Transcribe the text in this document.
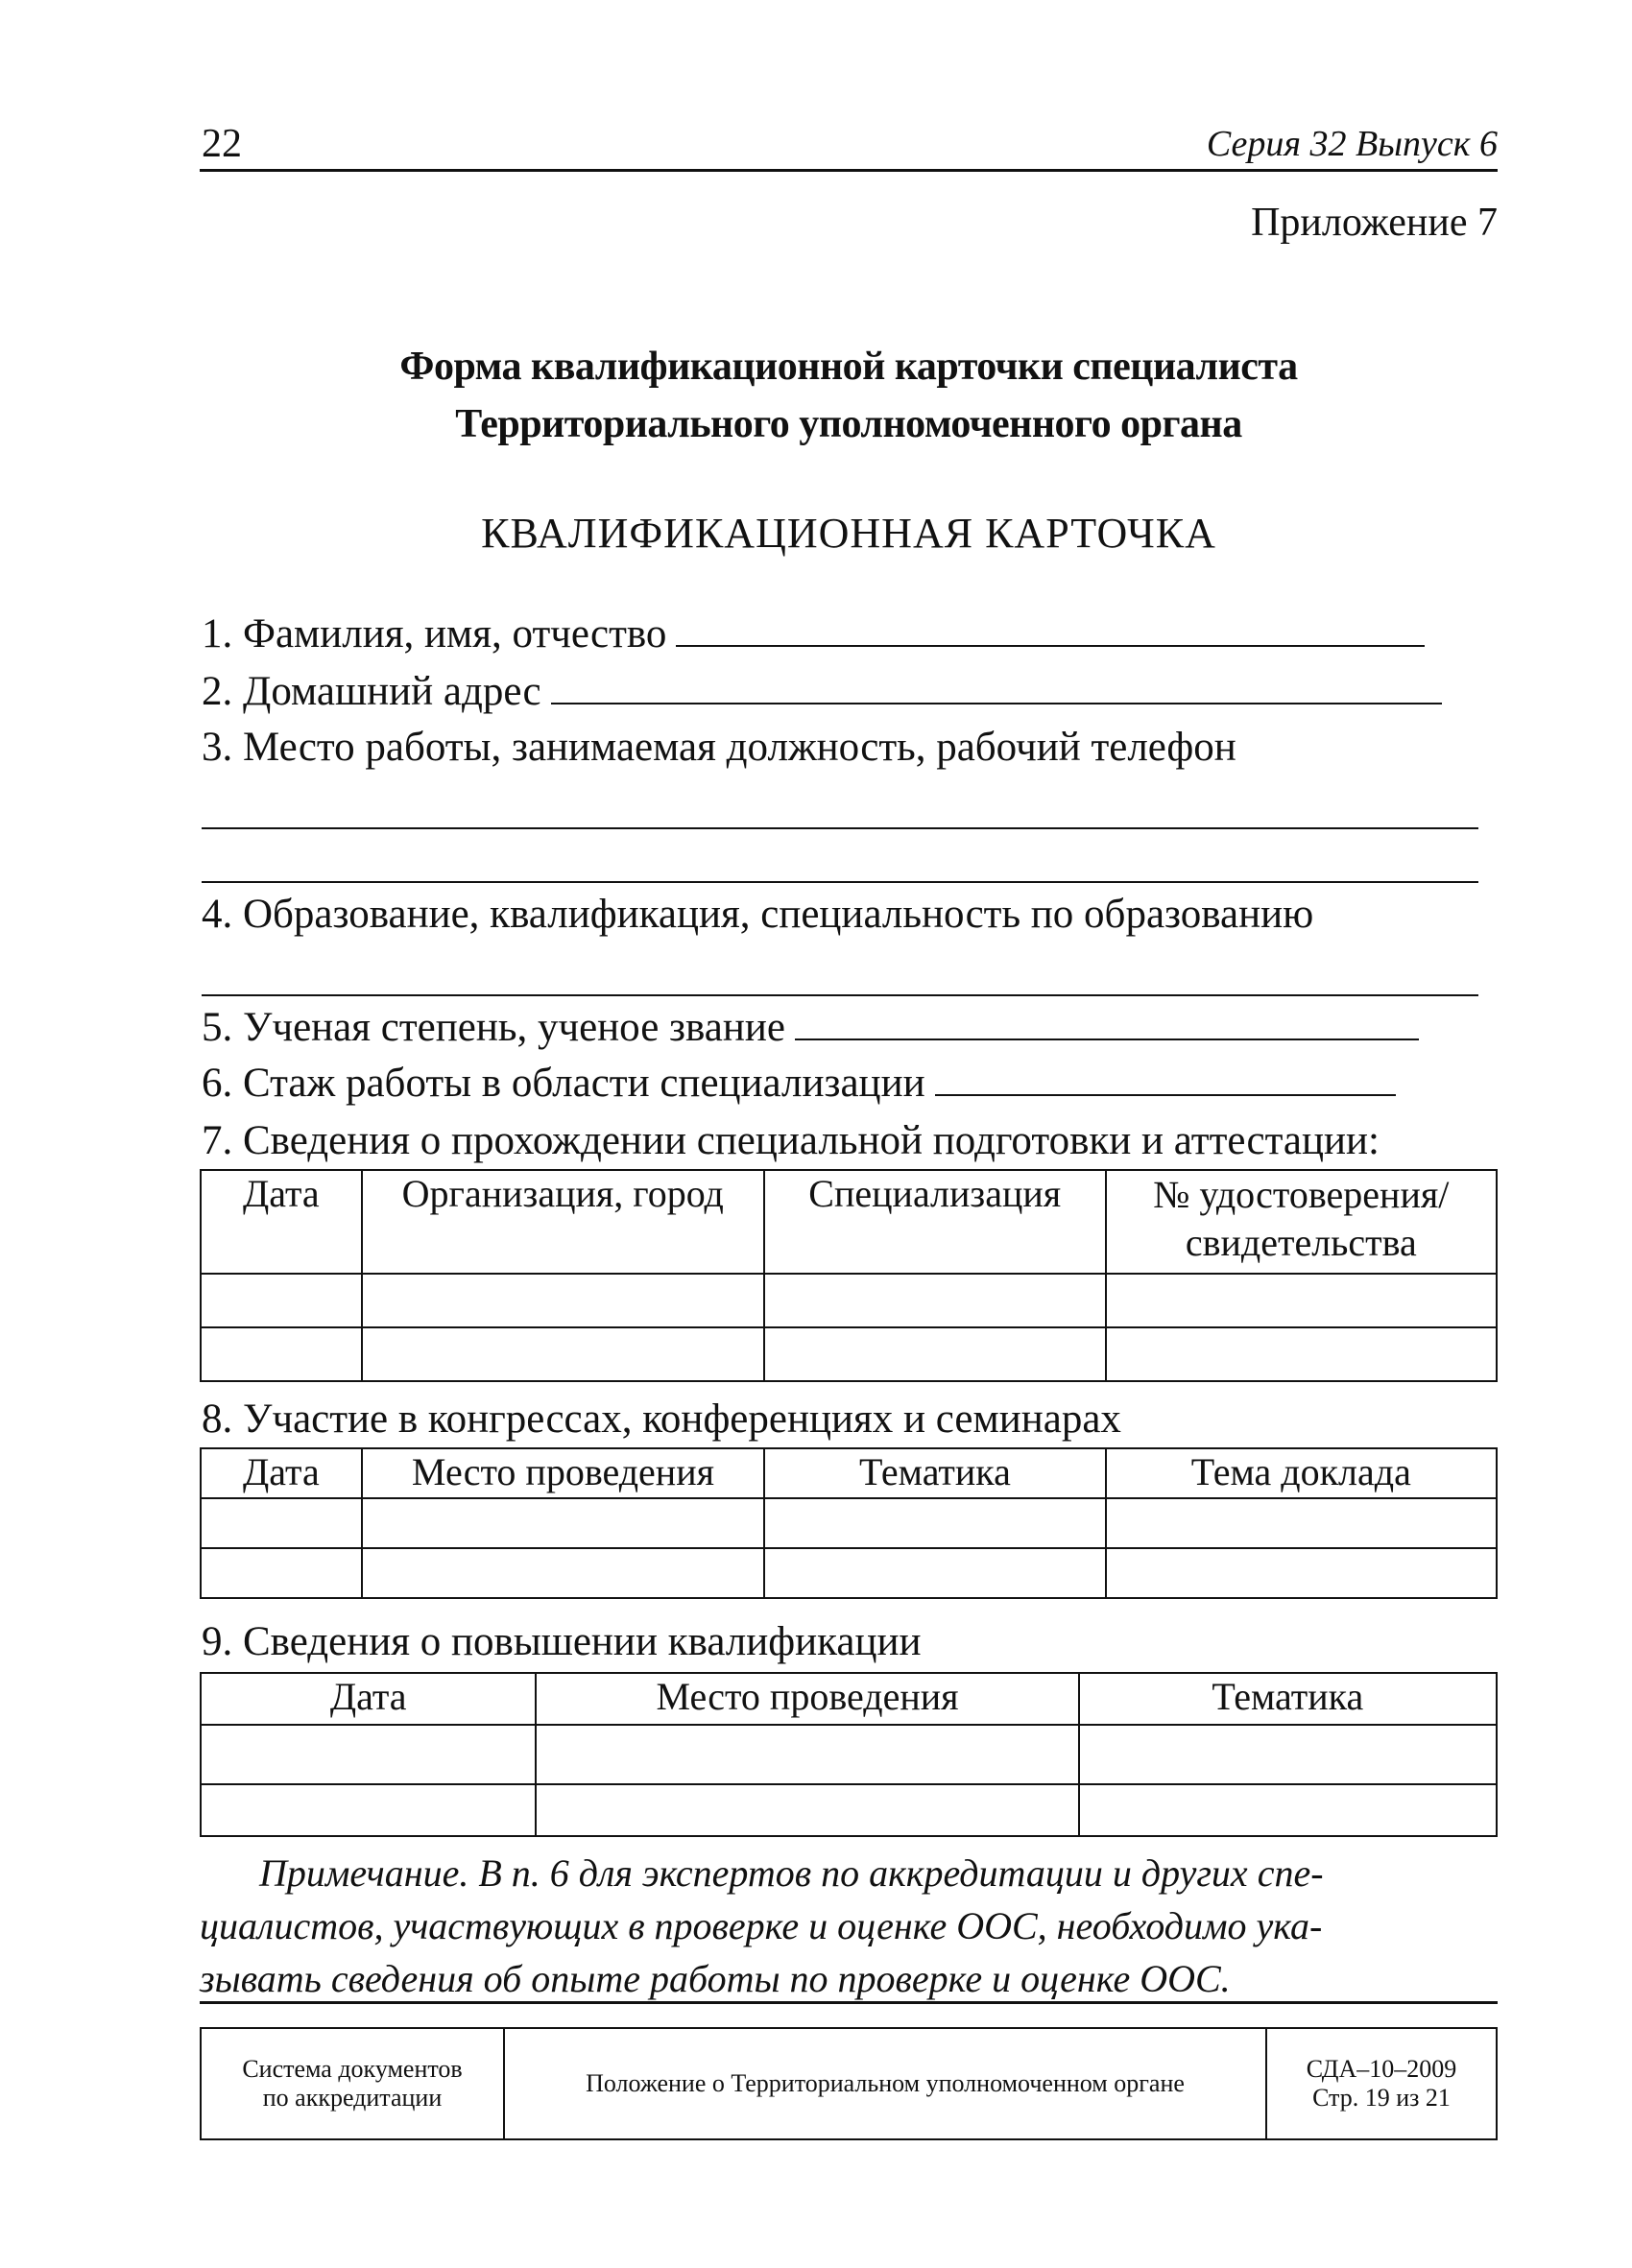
22	Серия 32 Выпуск 6
Приложение 7
Форма квалификационной карточки специалиста
Территориального уполномоченного органа
КВАЛИФИКАЦИОННАЯ КАРТОЧКА
1. Фамилия, имя, отчество
2. Домашний адрес
3. Место работы, занимаемая должность, рабочий телефон
4. Образование, квалификация, специальность по образованию
5. Ученая степень, ученое звание
6. Стаж работы в области специализации
7. Сведения о прохождении специальной подготовки и аттестации:
Дата	Организация, город	Специализация	№ удостоверения/
свидетельства

8. Участие в конгрессах, конференциях и семинарах
Дата	Место проведения	Тематика	Тема доклада

9. Сведения о повышении квалификации
Дата	Место проведения	Тематика

Примечание. В п. 6 для экспертов по аккредитации и других спе-
циалистов, участвующих в проверке и оценке ООС, необходимо ука-
зывать сведения об опыте работы по проверке и оценке ООС.
Система документов
по аккредитации
	Положение о Территориальном уполномоченном органе	
СДА–10–2009
Стр. 19 из 21
